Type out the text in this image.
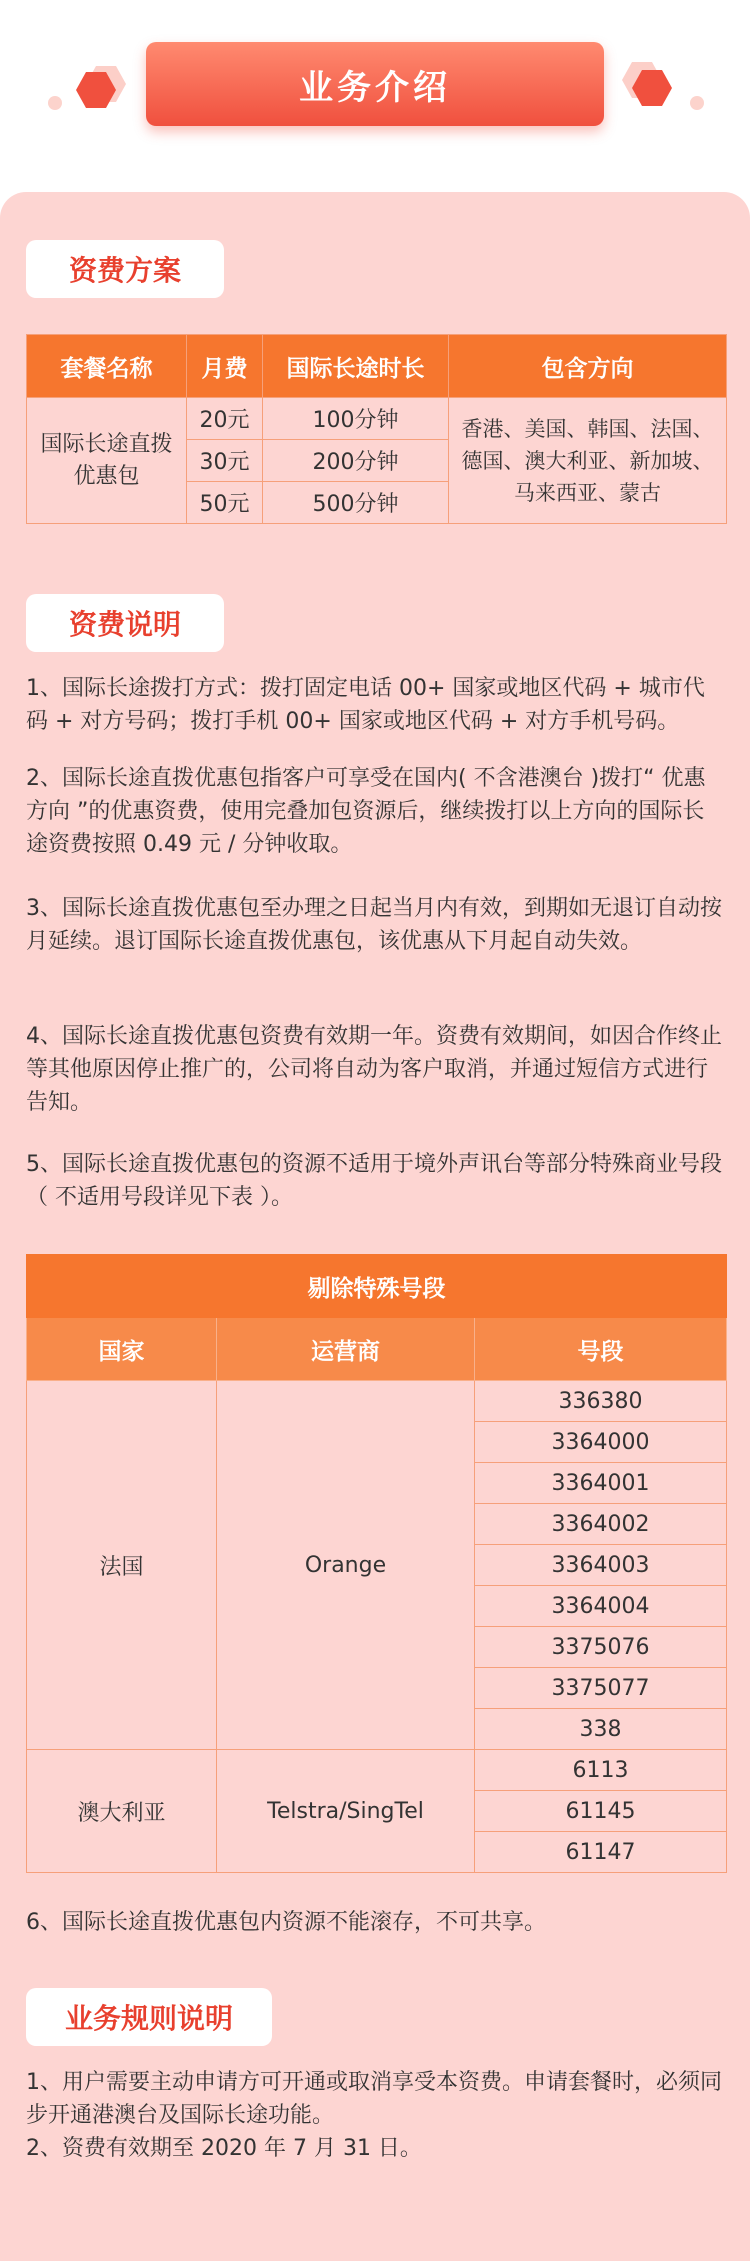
业务介绍
资费方案
套餐名称	月费	国际长途时长	包含方向
国际长途直拨优惠包	20元	100分钟	香港、美国、韩国、法国、德国、澳大利亚、新加坡、马来西亚、蒙古
	30元	200分钟	
	50元	500分钟	
资费说明
1、国际长途拨打方式：拨打固定电话 00+ 国家或地区代码 + 城市代码 + 对方号码；拨打手机 00+ 国家或地区代码 + 对方手机号码。
2、国际长途直拨优惠包指客户可享受在国内( 不含港澳台 )拨打“ 优惠方向 ”的优惠资费，使用完叠加包资源后，继续拨打以上方向的国际长途资费按照 0.49 元 / 分钟收取。
3、国际长途直拨优惠包至办理之日起当月内有效，到期如无退订自动按月延续。退订国际长途直拨优惠包，该优惠从下月起自动失效。
4、国际长途直拨优惠包资费有效期一年。资费有效期间，如因合作终止等其他原因停止推广的，公司将自动为客户取消，并通过短信方式进行告知。
5、国际长途直拨优惠包的资源不适用于境外声讯台等部分特殊商业号段（ 不适用号段详见下表 ）。
剔除特殊号段		
国家	运营商	号段
法国	Orange	336380
		3364000
		3364001
		3364002
		3364003
		3364004
		3375076
		3375077
		338
澳大利亚	Telstra/SingTel	6113
		61145
		61147
6、国际长途直拨优惠包内资源不能滚存，不可共享。
业务规则说明
1、用户需要主动申请方可开通或取消享受本资费。申请套餐时，必须同步开通港澳台及国际长途功能。
2、资费有效期至 2020 年 7 月 31 日。
